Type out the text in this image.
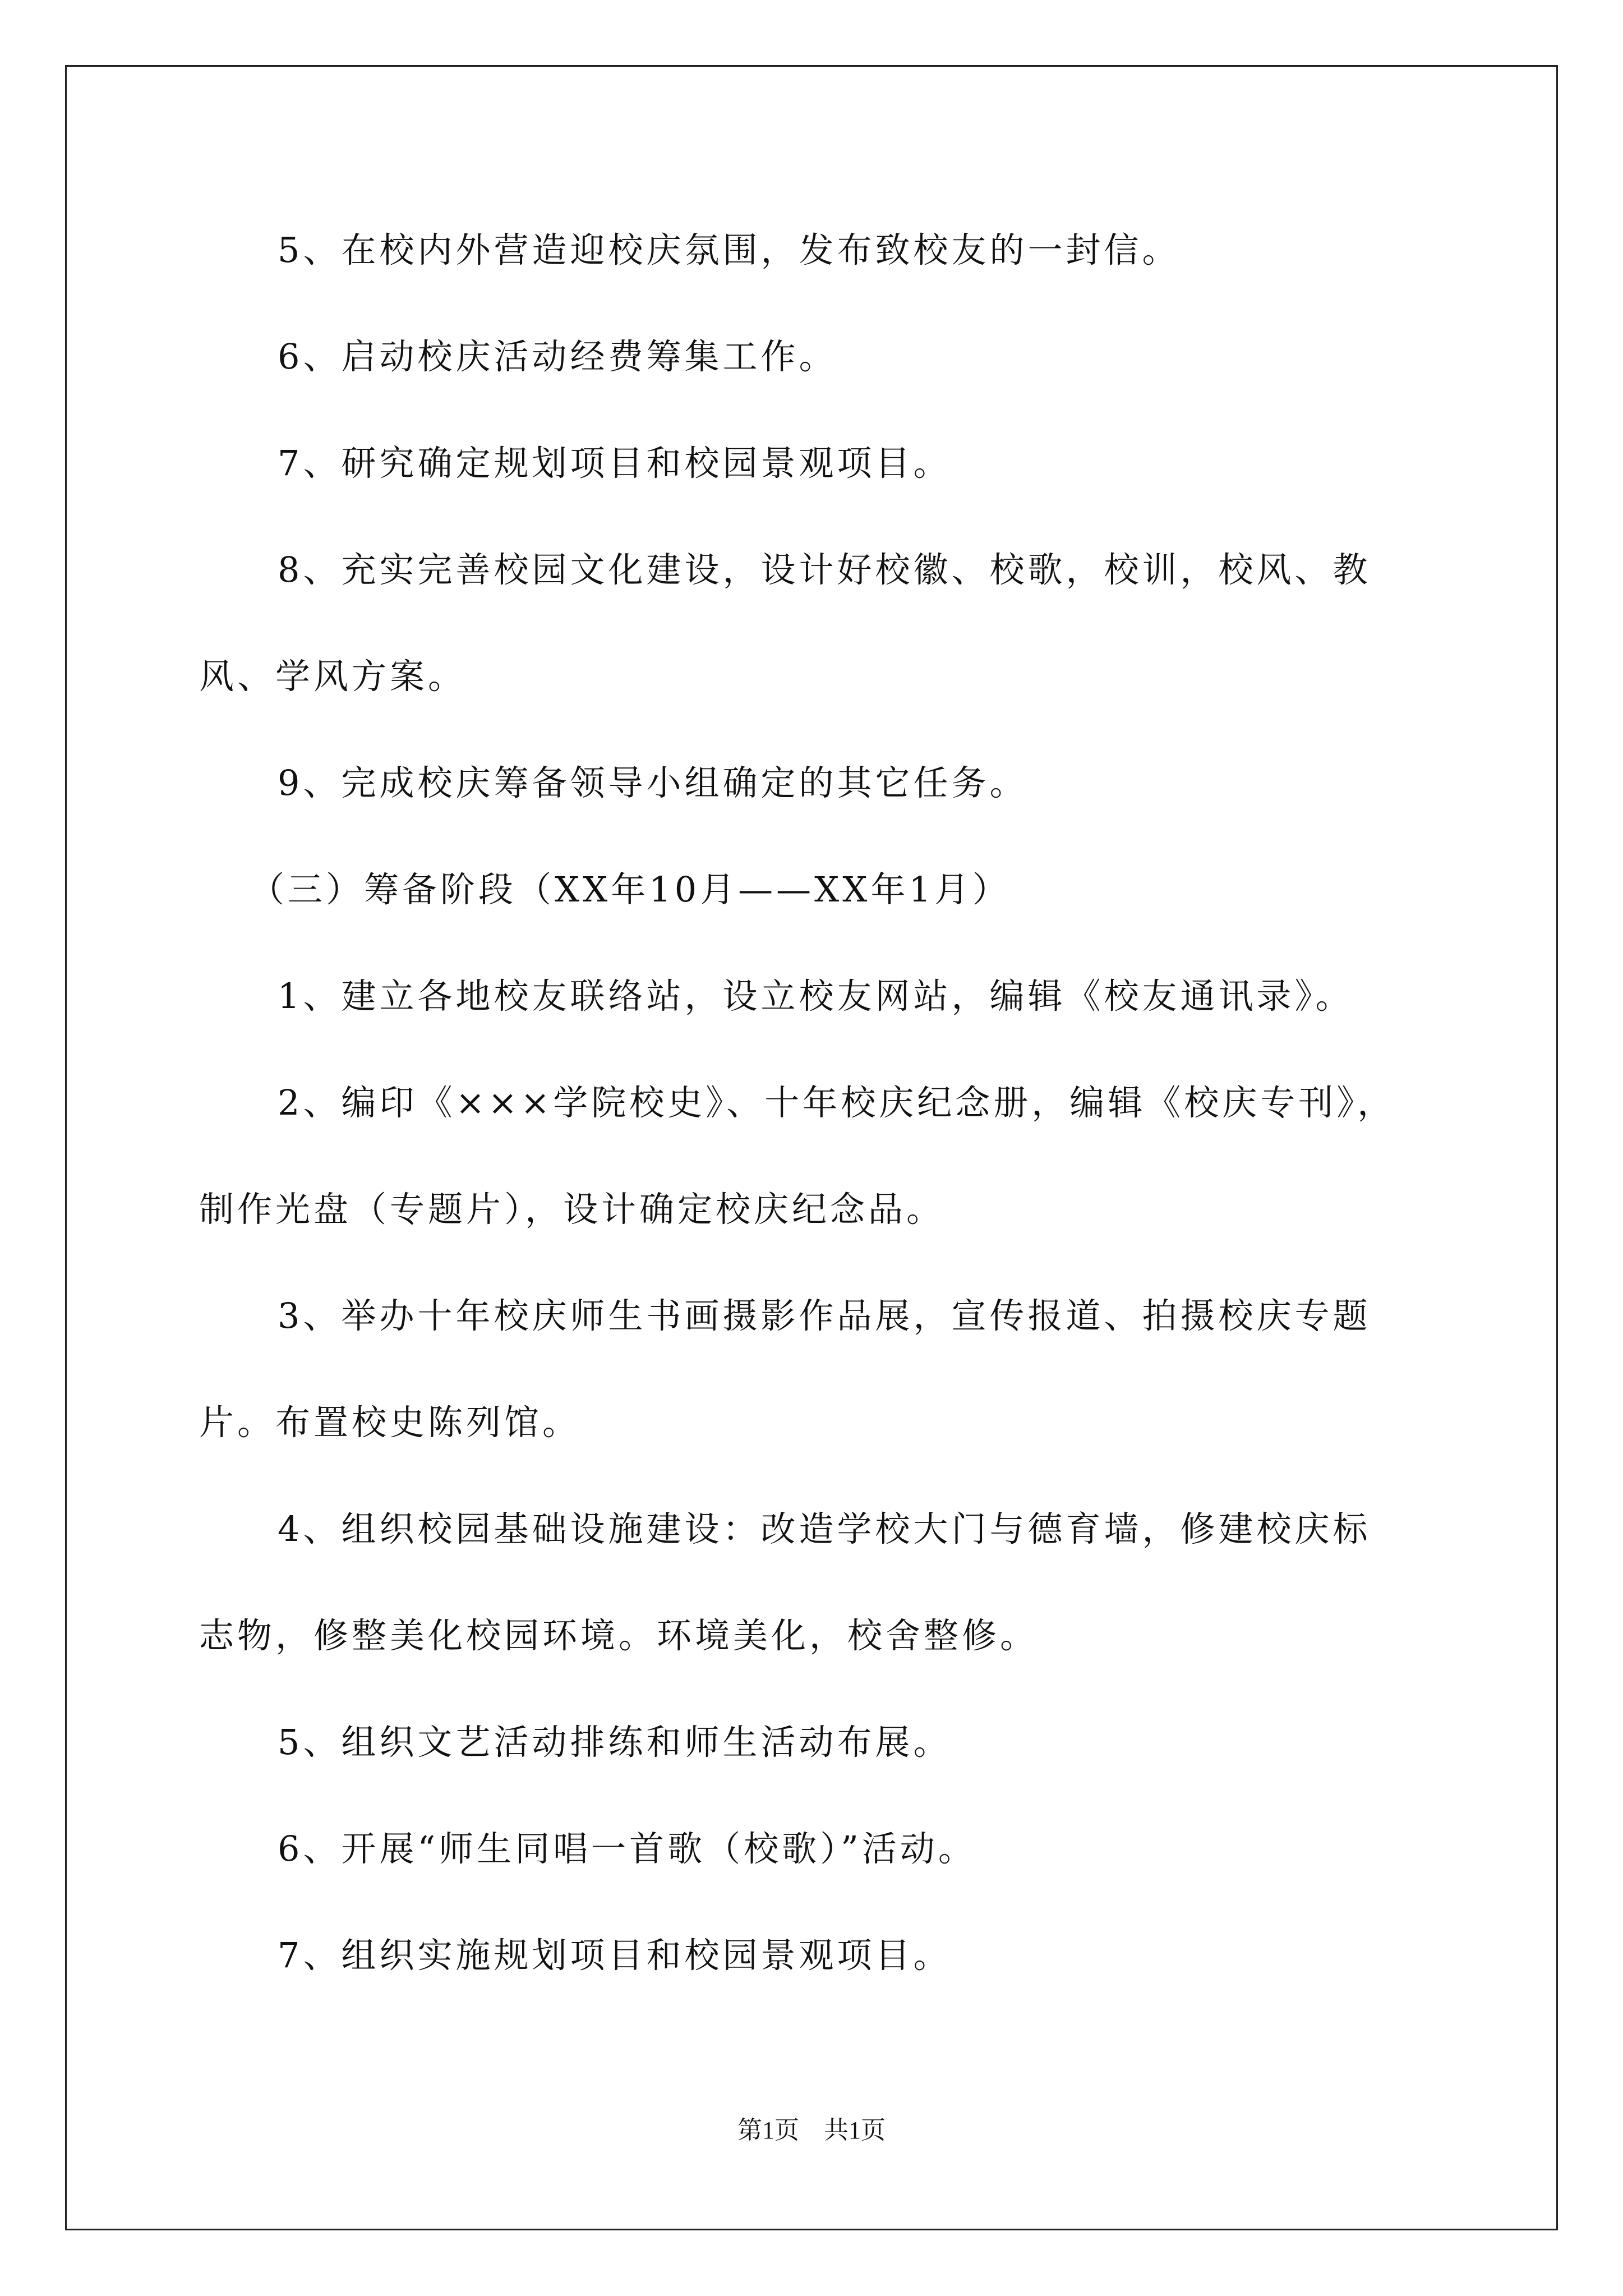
5、在校内外营造迎校庆氛围，发布致校友的一封信。

6、启动校庆活动经费筹集工作。

7、研究确定规划项目和校园景观项目。

8、充实完善校园文化建设，设计好校徽、校歌，校训，校风、教

风、学风方案。

9、完成校庆筹备领导小组确定的其它任务。

（三）筹备阶段（XX年10月——XX年1月）

1、建立各地校友联络站，设立校友网站，编辑《校友通讯录》。

2、编印《×××学院校史》、十年校庆纪念册，编辑《校庆专刊》，

制作光盘（专题片），设计确定校庆纪念品。

3、举办十年校庆师生书画摄影作品展，宣传报道、拍摄校庆专题

片。布置校史陈列馆。

4、组织校园基础设施建设：改造学校大门与德育墙，修建校庆标

志物，修整美化校园环境。环境美化，校舍整修。

5、组织文艺活动排练和师生活动布展。

6、开展“师生同唱一首歌（校歌）”活动。

7、组织实施规划项目和校园景观项目。

第1页　共1页
